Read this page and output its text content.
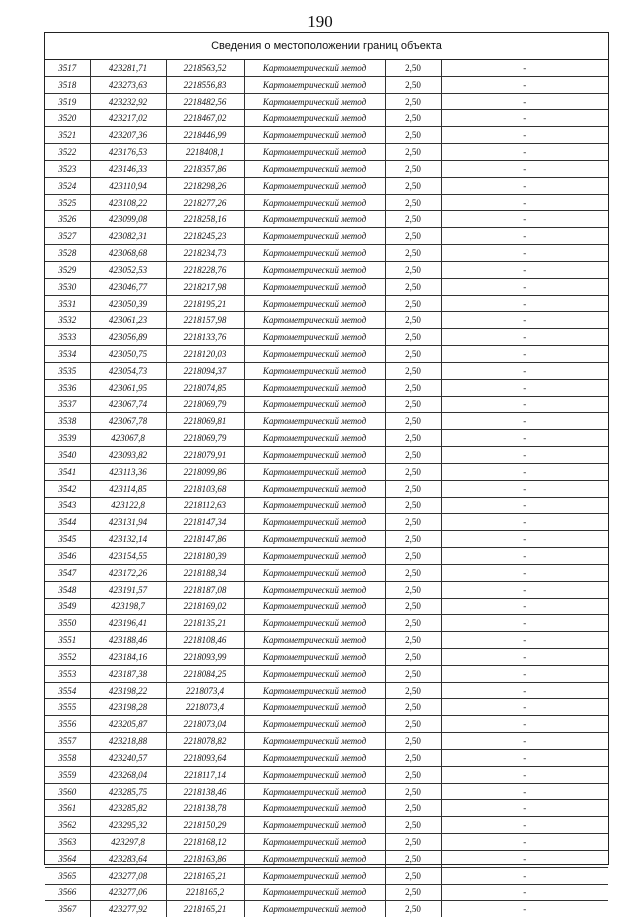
190
Сведения о местоположении границ объекта
3517	423281,71	2218563,52	Картометрический метод	2,50	-
3518	423273,63	2218556,83	Картометрический метод	2,50	-
3519	423232,92	2218482,56	Картометрический метод	2,50	-
3520	423217,02	2218467,02	Картометрический метод	2,50	-
3521	423207,36	2218446,99	Картометрический метод	2,50	-
3522	423176,53	2218408,1	Картометрический метод	2,50	-
3523	423146,33	2218357,86	Картометрический метод	2,50	-
3524	423110,94	2218298,26	Картометрический метод	2,50	-
3525	423108,22	2218277,26	Картометрический метод	2,50	-
3526	423099,08	2218258,16	Картометрический метод	2,50	-
3527	423082,31	2218245,23	Картометрический метод	2,50	-
3528	423068,68	2218234,73	Картометрический метод	2,50	-
3529	423052,53	2218228,76	Картометрический метод	2,50	-
3530	423046,77	2218217,98	Картометрический метод	2,50	-
3531	423050,39	2218195,21	Картометрический метод	2,50	-
3532	423061,23	2218157,98	Картометрический метод	2,50	-
3533	423056,89	2218133,76	Картометрический метод	2,50	-
3534	423050,75	2218120,03	Картометрический метод	2,50	-
3535	423054,73	2218094,37	Картометрический метод	2,50	-
3536	423061,95	2218074,85	Картометрический метод	2,50	-
3537	423067,74	2218069,79	Картометрический метод	2,50	-
3538	423067,78	2218069,81	Картометрический метод	2,50	-
3539	423067,8	2218069,79	Картометрический метод	2,50	-
3540	423093,82	2218079,91	Картометрический метод	2,50	-
3541	423113,36	2218099,86	Картометрический метод	2,50	-
3542	423114,85	2218103,68	Картометрический метод	2,50	-
3543	423122,8	2218112,63	Картометрический метод	2,50	-
3544	423131,94	2218147,34	Картометрический метод	2,50	-
3545	423132,14	2218147,86	Картометрический метод	2,50	-
3546	423154,55	2218180,39	Картометрический метод	2,50	-
3547	423172,26	2218188,34	Картометрический метод	2,50	-
3548	423191,57	2218187,08	Картометрический метод	2,50	-
3549	423198,7	2218169,02	Картометрический метод	2,50	-
3550	423196,41	2218135,21	Картометрический метод	2,50	-
3551	423188,46	2218108,46	Картометрический метод	2,50	-
3552	423184,16	2218093,99	Картометрический метод	2,50	-
3553	423187,38	2218084,25	Картометрический метод	2,50	-
3554	423198,22	2218073,4	Картометрический метод	2,50	-
3555	423198,28	2218073,4	Картометрический метод	2,50	-
3556	423205,87	2218073,04	Картометрический метод	2,50	-
3557	423218,88	2218078,82	Картометрический метод	2,50	-
3558	423240,57	2218093,64	Картометрический метод	2,50	-
3559	423268,04	2218117,14	Картометрический метод	2,50	-
3560	423285,75	2218138,46	Картометрический метод	2,50	-
3561	423285,82	2218138,78	Картометрический метод	2,50	-
3562	423295,32	2218150,29	Картометрический метод	2,50	-
3563	423297,8	2218168,12	Картометрический метод	2,50	-
3564	423283,64	2218163,86	Картометрический метод	2,50	-
3565	423277,08	2218165,21	Картометрический метод	2,50	-
3566	423277,06	2218165,2	Картометрический метод	2,50	-
3567	423277,92	2218165,21	Картометрический метод	2,50	-
